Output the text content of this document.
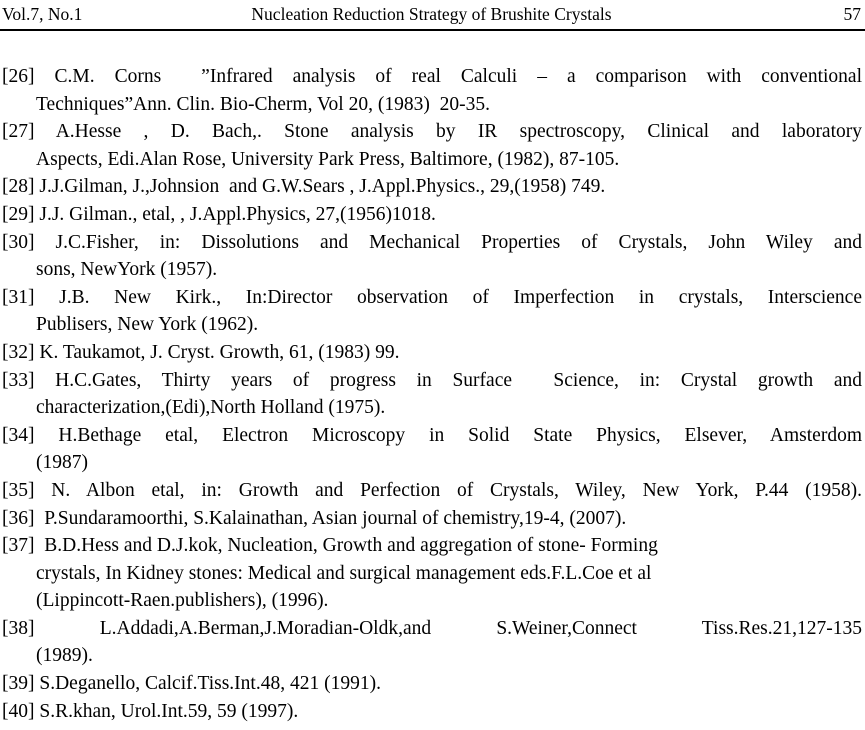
Vol.7, No.1	Nucleation Reduction Strategy of Brushite Crystals	57
[26] C.M. Corns  ”Infrared analysis of real Calculi – a comparison with conventional
Techniques”Ann. Clin. Bio-Cherm, Vol 20, (1983)  20-35.
[27] A.Hesse , D. Bach,. Stone analysis by IR spectroscopy, Clinical and laboratory
Aspects, Edi.Alan Rose, University Park Press, Baltimore, (1982), 87-105.
[28] J.J.Gilman, J.,Johnsion  and G.W.Sears , J.Appl.Physics., 29,(1958) 749.
[29] J.J. Gilman., etal, , J.Appl.Physics, 27,(1956)1018.
[30] J.C.Fisher, in: Dissolutions and Mechanical Properties of Crystals, John Wiley and
sons, NewYork (1957).
[31] J.B. New Kirk., In:Director observation of Imperfection in crystals, Interscience
Publisers, New York (1962).
[32] K. Taukamot, J. Cryst. Growth, 61, (1983) 99.
[33] H.C.Gates, Thirty years of progress in Surface  Science, in: Crystal growth and
characterization,(Edi),North Holland (1975).
[34] H.Bethage etal, Electron Microscopy in Solid State Physics, Elsever, Amsterdom
(1987)
[35] N. Albon etal, in: Growth and Perfection of Crystals, Wiley, New York, P.44 (1958).
[36]  P.Sundaramoorthi, S.Kalainathan, Asian journal of chemistry,19-4, (2007).
[37]  B.D.Hess and D.J.kok, Nucleation, Growth and aggregation of stone- Forming
crystals, In Kidney stones: Medical and surgical management eds.F.L.Coe et al
(Lippincott-Raen.publishers), (1996).
[38] L.Addadi,A.Berman,J.Moradian-Oldk,and S.Weiner,Connect Tiss.Res.21,127-135
(1989).
[39] S.Deganello, Calcif.Tiss.Int.48, 421 (1991).
[40] S.R.khan, Urol.Int.59, 59 (1997).
